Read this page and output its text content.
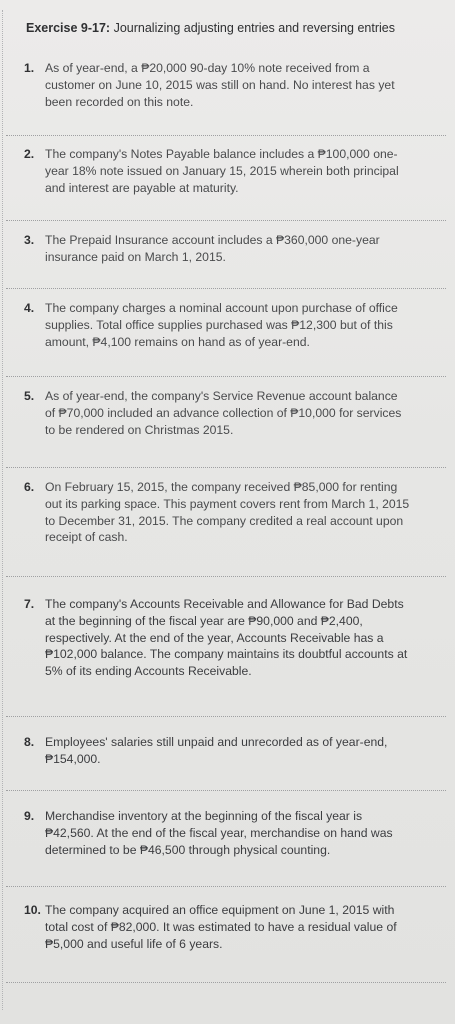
Exercise 9-17: Journalizing adjusting entries and reversing entries
1. As of year-end, a ₱20,000 90-day 10% note received from a customer on June 10, 2015 was still on hand. No interest has yet been recorded on this note.
2. The company's Notes Payable balance includes a ₱100,000 one-year 18% note issued on January 15, 2015 wherein both principal and interest are payable at maturity.
3. The Prepaid Insurance account includes a ₱360,000 one-year insurance paid on March 1, 2015.
4. The company charges a nominal account upon purchase of office supplies. Total office supplies purchased was ₱12,300 but of this amount, ₱4,100 remains on hand as of year-end.
5. As of year-end, the company's Service Revenue account balance of ₱70,000 included an advance collection of ₱10,000 for services to be rendered on Christmas 2015.
6. On February 15, 2015, the company received ₱85,000 for renting out its parking space. This payment covers rent from March 1, 2015 to December 31, 2015. The company credited a real account upon receipt of cash.
7. The company's Accounts Receivable and Allowance for Bad Debts at the beginning of the fiscal year are ₱90,000 and ₱2,400, respectively. At the end of the year, Accounts Receivable has a ₱102,000 balance. The company maintains its doubtful accounts at 5% of its ending Accounts Receivable.
8. Employees' salaries still unpaid and unrecorded as of year-end, ₱154,000.
9. Merchandise inventory at the beginning of the fiscal year is ₱42,560. At the end of the fiscal year, merchandise on hand was determined to be ₱46,500 through physical counting.
10. The company acquired an office equipment on June 1, 2015 with total cost of ₱82,000. It was estimated to have a residual value of ₱5,000 and useful life of 6 years.
